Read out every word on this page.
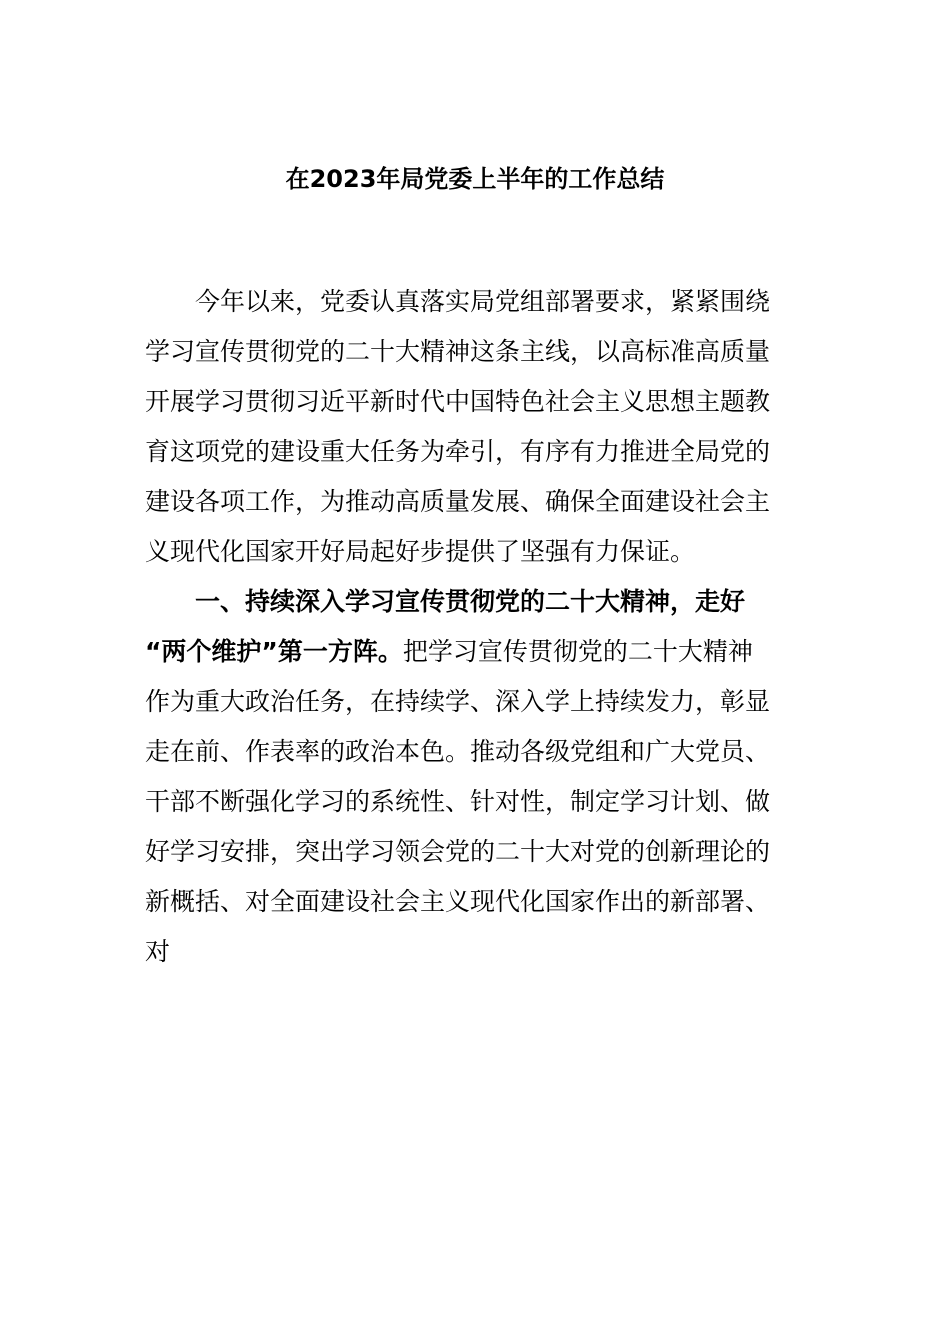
在2023年局党委上半年的工作总结

今年以来，党委认真落实局党组部署要求，紧紧围绕

学习宣传贯彻党的二十大精神这条主线，以高标准高质量

开展学习贯彻习近平新时代中国特色社会主义思想主题教

育这项党的建设重大任务为牵引，有序有力推进全局党的

建设各项工作，为推动高质量发展、确保全面建设社会主

义现代化国家开好局起好步提供了坚强有力保证。

一、持续深入学习宣传贯彻党的二十大精神，走好

“两个维护”第一方阵。把学习宣传贯彻党的二十大精神

作为重大政治任务，在持续学、深入学上持续发力，彰显

走在前、作表率的政治本色。推动各级党组和广大党员、

干部不断强化学习的系统性、针对性，制定学习计划、做

好学习安排，突出学习领会党的二十大对党的创新理论的

新概括、对全面建设社会主义现代化国家作出的新部署、

对
